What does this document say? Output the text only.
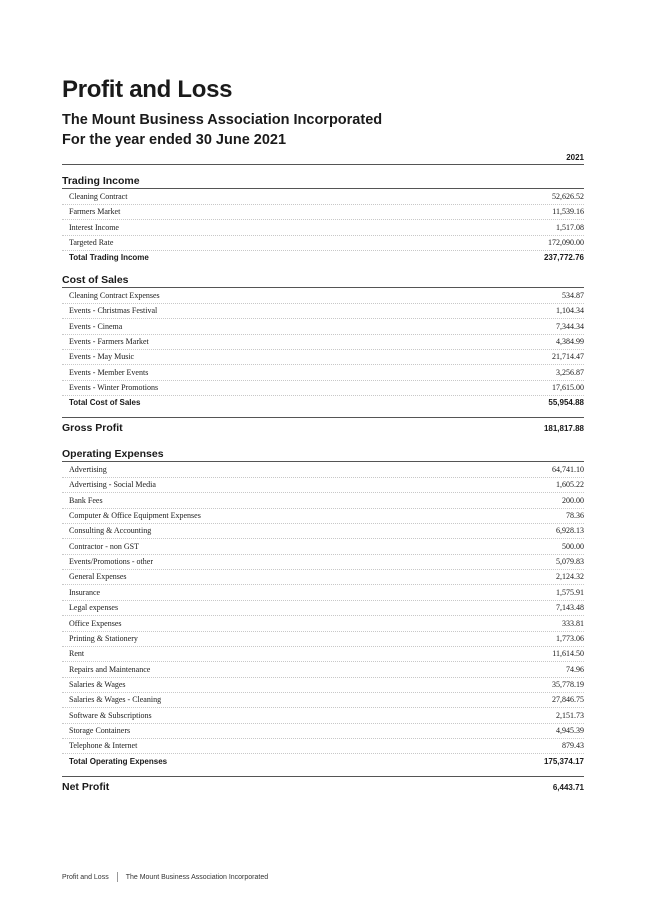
Profit and Loss
The Mount Business Association Incorporated
For the year ended 30 June 2021
2021
Trading Income
Cleaning Contract	52,626.52
Farmers Market	11,539.16
Interest Income	1,517.08
Targeted Rate	172,090.00
Total Trading Income	237,772.76
Cost of Sales
Cleaning Contract Expenses	534.87
Events - Christmas Festival	1,104.34
Events - Cinema	7,344.34
Events - Farmers Market	4,384.99
Events - May Music	21,714.47
Events - Member Events	3,256.87
Events - Winter Promotions	17,615.00
Total Cost of Sales	55,954.88
Gross Profit	181,817.88
Operating Expenses
Advertising	64,741.10
Advertising - Social Media	1,605.22
Bank Fees	200.00
Computer & Office Equipment Expenses	78.36
Consulting & Accounting	6,928.13
Contractor - non GST	500.00
Events/Promotions - other	5,079.83
General Expenses	2,124.32
Insurance	1,575.91
Legal expenses	7,143.48
Office Expenses	333.81
Printing & Stationery	1,773.06
Rent	11,614.50
Repairs and Maintenance	74.96
Salaries & Wages	35,778.19
Salaries & Wages - Cleaning	27,846.75
Software & Subscriptions	2,151.73
Storage Containers	4,945.39
Telephone & Internet	879.43
Total Operating Expenses	175,374.17
Net Profit	6,443.71
Profit and Loss The Mount Business Association Incorporated
